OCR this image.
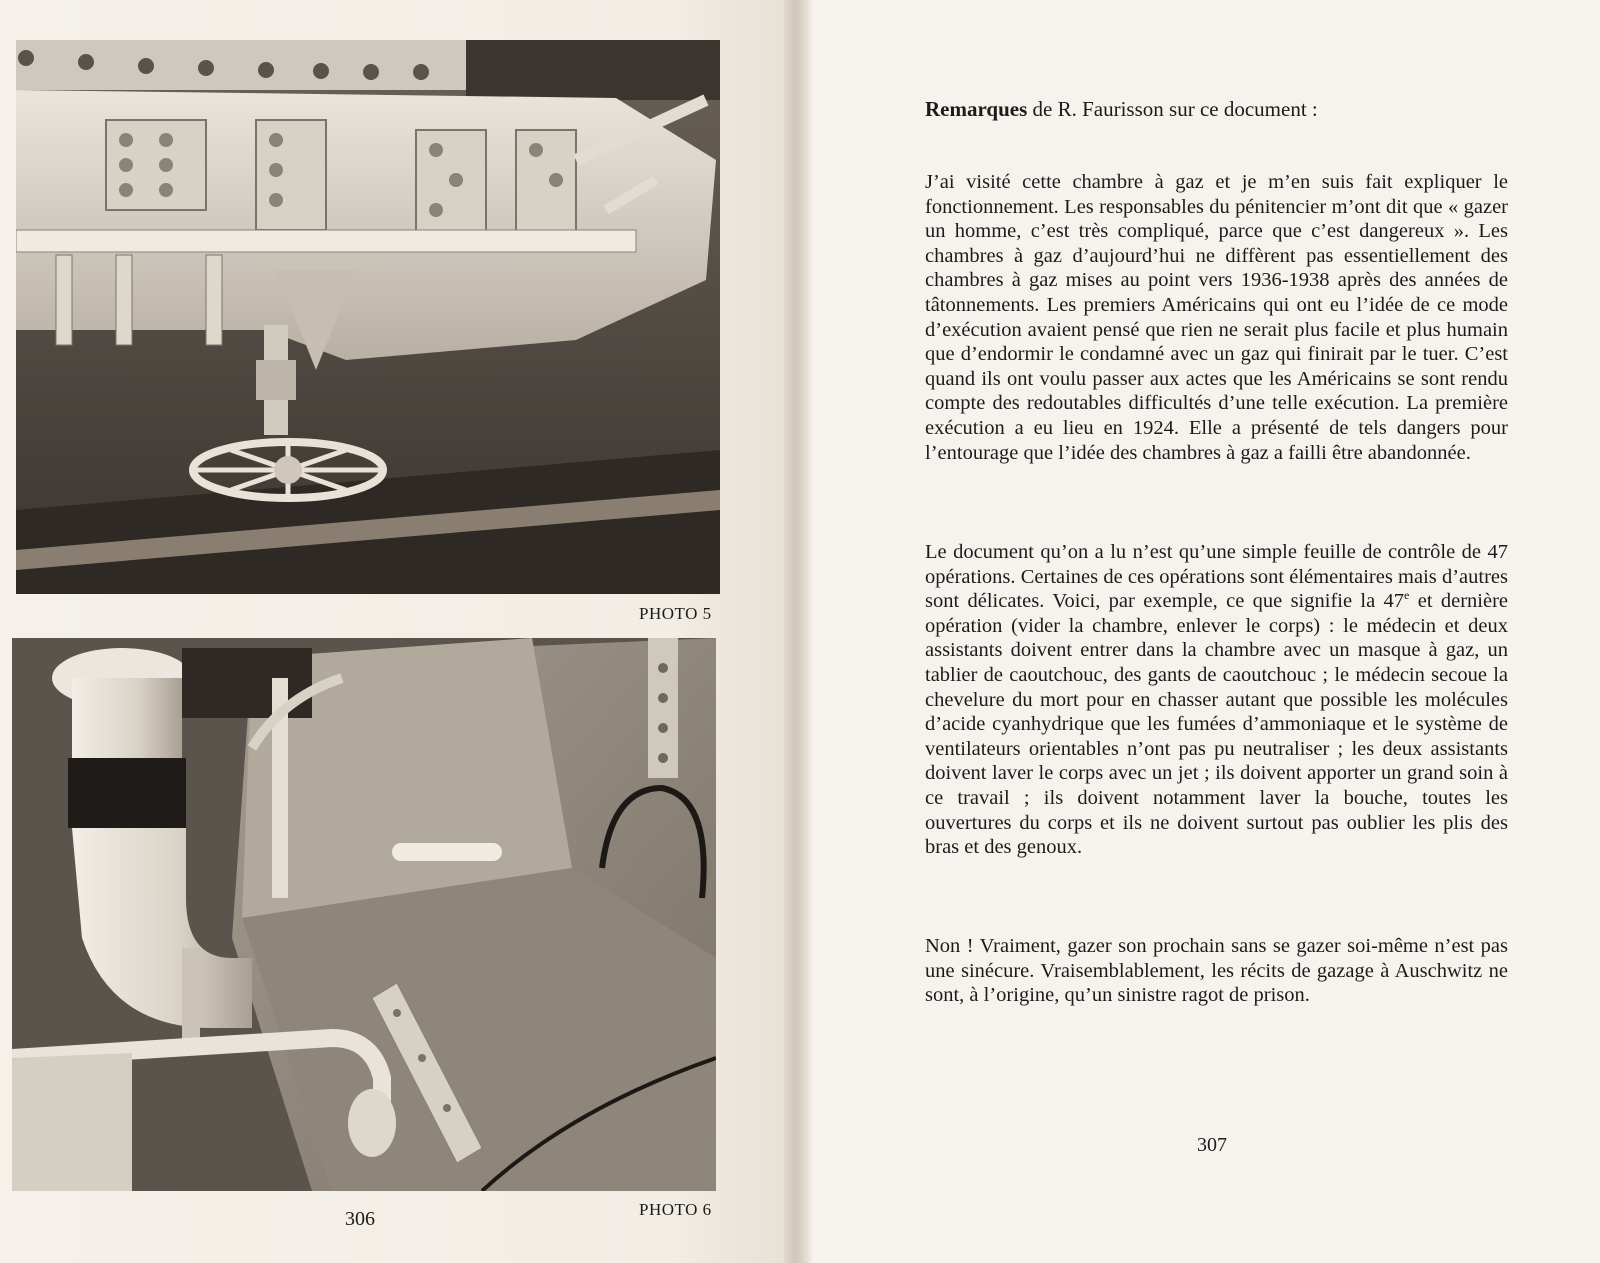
PHOTO 5
PHOTO 6
306
Remarques de R. Faurisson sur ce document :

J’ai visité cette chambre à gaz et je m’en suis fait expliquer le fonctionnement. Les responsables du pénitencier m’ont dit que « gazer un homme, c’est très compliqué, parce que c’est dangereux ». Les chambres à gaz d’aujourd’hui ne diffèrent pas essentiellement des chambres à gaz mises au point vers 1936-1938 après des années de tâtonnements. Les premiers Américains qui ont eu l’idée de ce mode d’exécution avaient pensé que rien ne serait plus facile et plus humain que d’endormir le condamné avec un gaz qui finirait par le tuer. C’est quand ils ont voulu passer aux actes que les Américains se sont rendu compte des redoutables difficultés d’une telle exécution. La première exécution a eu lieu en 1924. Elle a présenté de tels dangers pour l’entourage que l’idée des chambres à gaz a failli être abandonnée.

Le document qu’on a lu n’est qu’une simple feuille de contrôle de 47 opérations. Certaines de ces opérations sont élémentaires mais d’autres sont délicates. Voici, par exemple, ce que signifie la 47e et dernière opération (vider la chambre, enlever le corps) : le médecin et deux assistants doivent entrer dans la chambre avec un masque à gaz, un tablier de caoutchouc, des gants de caoutchouc ; le médecin secoue la chevelure du mort pour en chasser autant que possible les molécules d’acide cyanhydrique que les fumées d’ammoniaque et le système de ventilateurs orientables n’ont pas pu neutraliser ; les deux assistants doivent laver le corps avec un jet ; ils doivent apporter un grand soin à ce travail ; ils doivent notamment laver la bouche, toutes les ouvertures du corps et ils ne doivent surtout pas oublier les plis des bras et des genoux.

Non ! Vraiment, gazer son prochain sans se gazer soi-même n’est pas une sinécure. Vraisemblablement, les récits de gazage à Auschwitz ne sont, à l’origine, qu’un sinistre ragot de prison.

307
